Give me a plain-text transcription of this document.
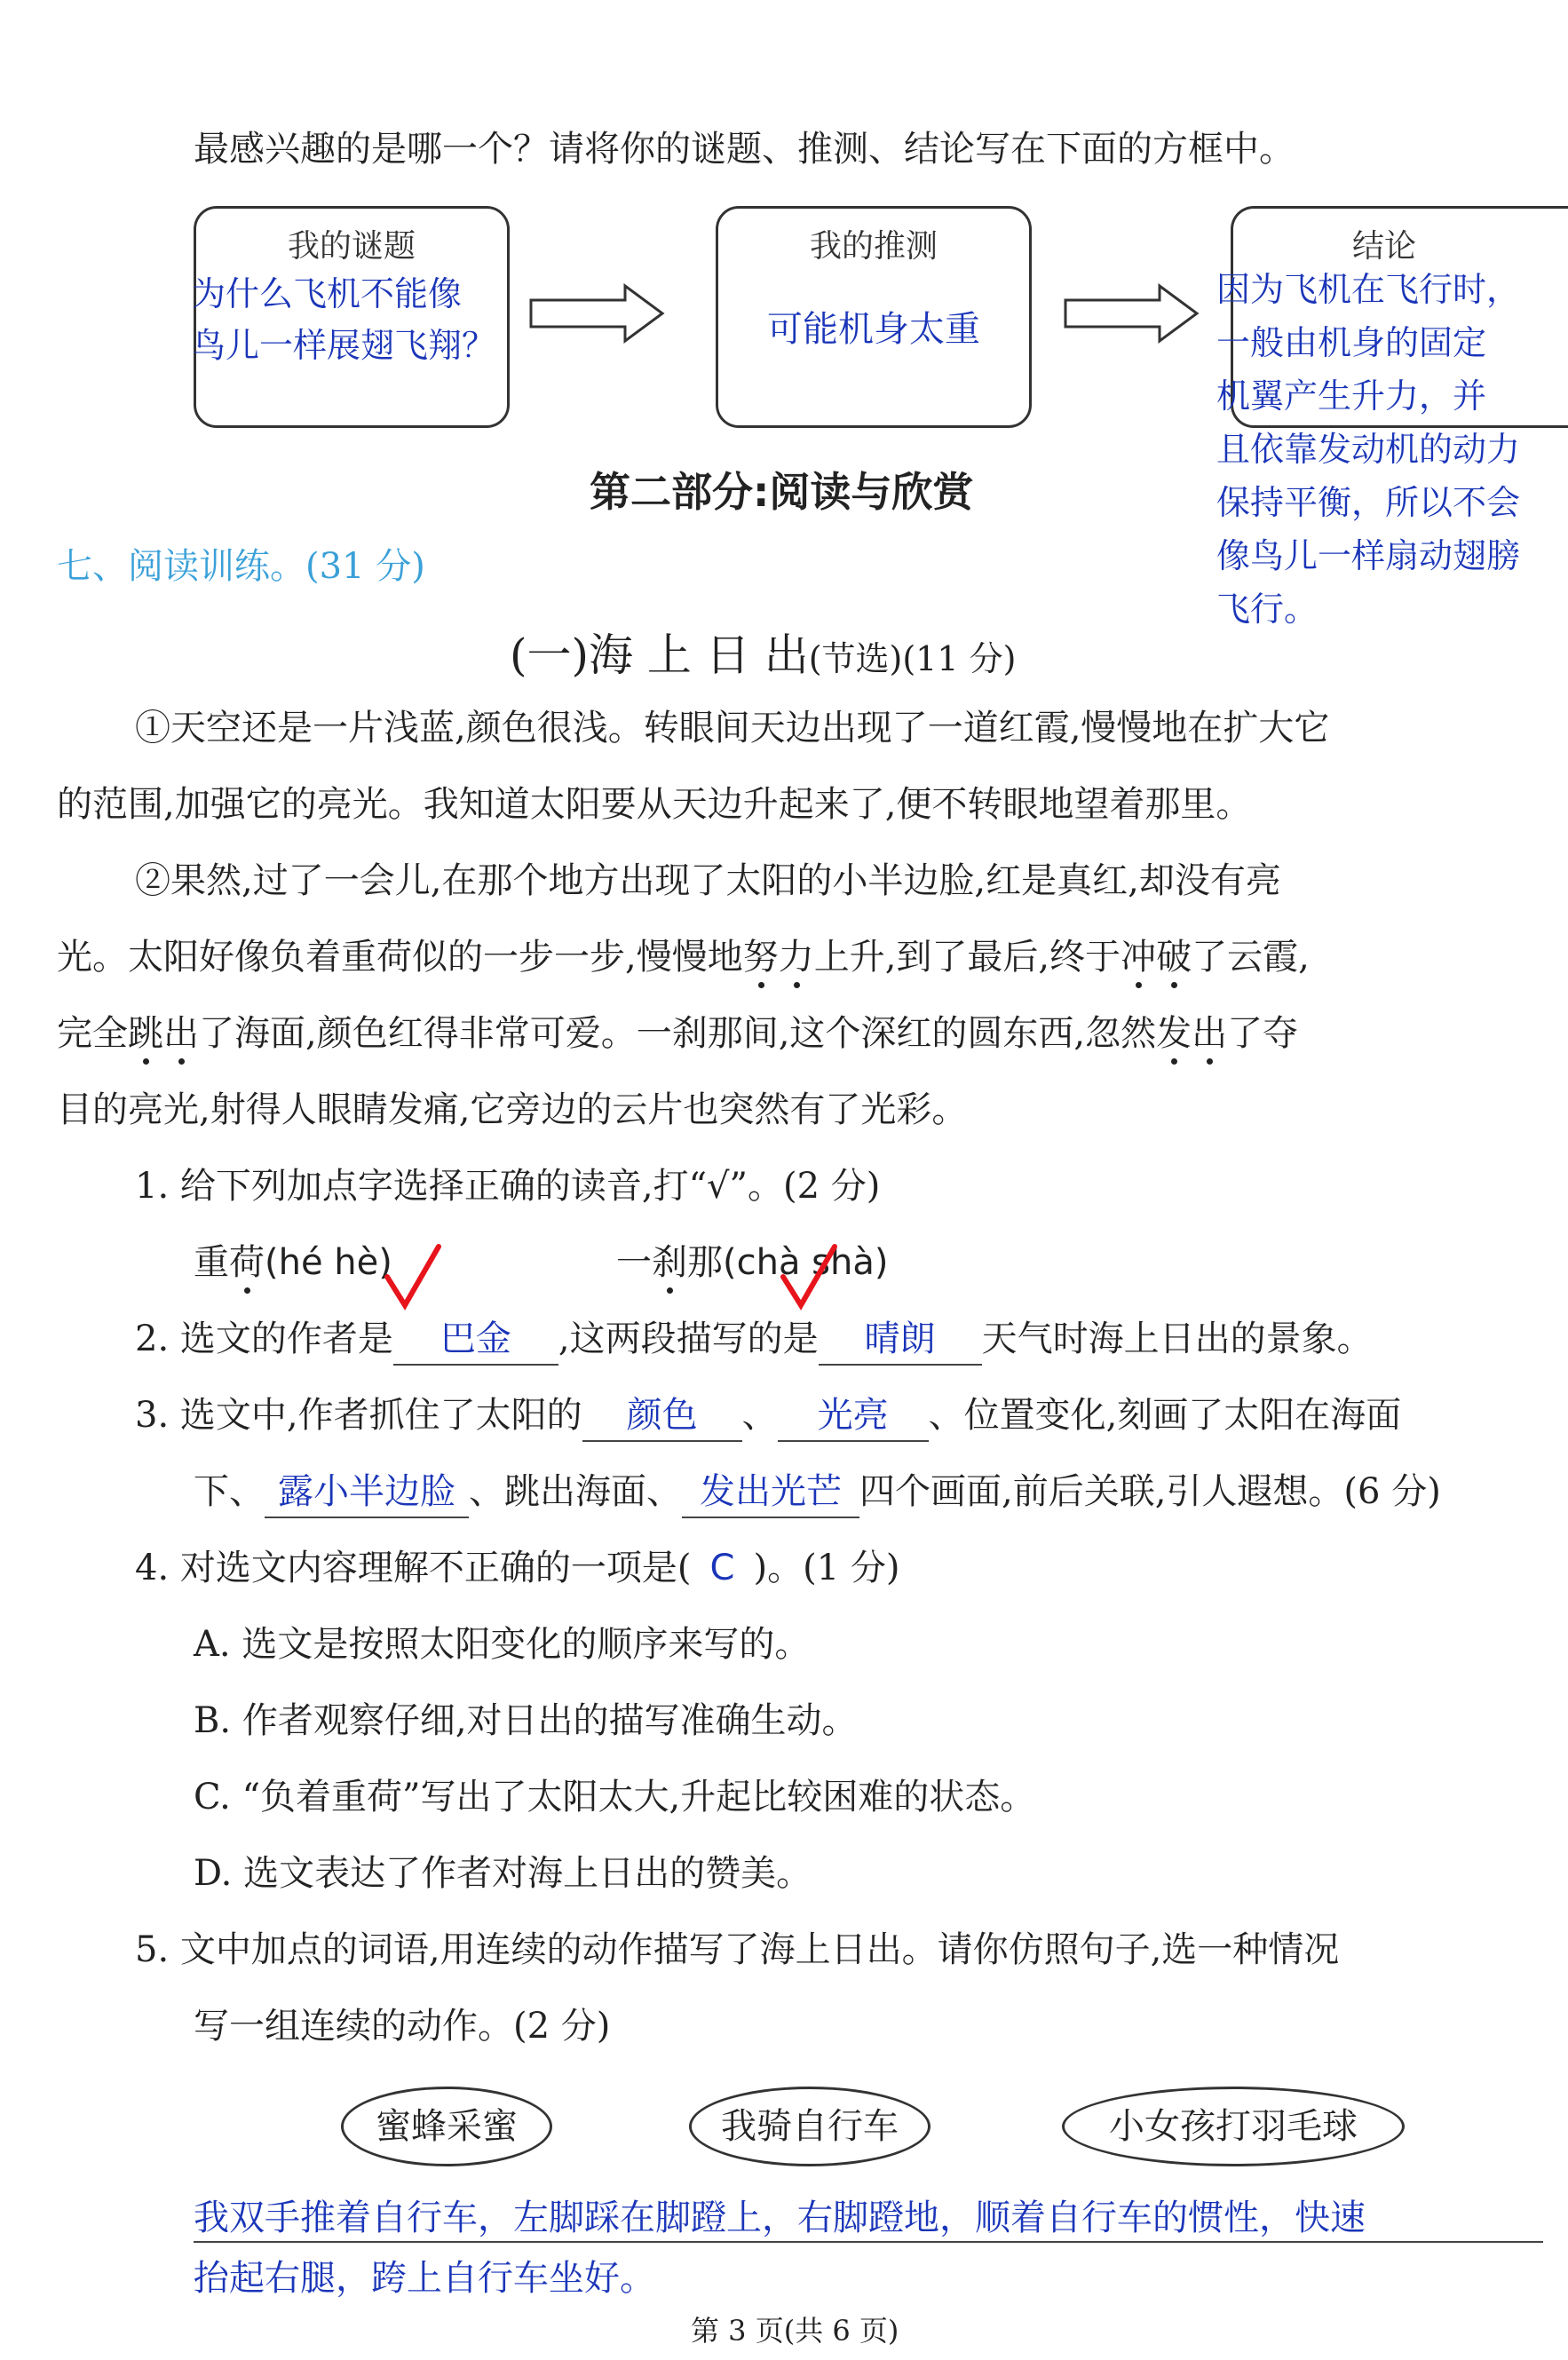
最感兴趣的是哪一个？请将你的谜题、推测、结论写在下面的方框中。
我的谜题
为什么飞机不能像
鸟儿一样展翅飞翔？
我的推测
可能机身太重
结论
因为飞机在飞行时，
一般由机身的固定
机翼产生升力，并
且依靠发动机的动力
保持平衡，所以不会
像鸟儿一样扇动翅膀
飞行。
第二部分:阅读与欣赏
七、阅读训练。(31 分)
(一)海 上 日 出(节选)(11 分)
①天空还是一片浅蓝,颜色很浅。转眼间天边出现了一道红霞,慢慢地在扩大它
的范围,加强它的亮光。我知道太阳要从天边升起来了,便不转眼地望着那里。
②果然,过了一会儿,在那个地方出现了太阳的小半边脸,红是真红,却没有亮
光。太阳好像负着重荷似的一步一步,慢慢地努力上升,到了最后,终于冲破了云霞,
完全跳出了海面,颜色红得非常可爱。一刹那间,这个深红的圆东西,忽然发出了夺
目的亮光,射得人眼睛发痛,它旁边的云片也突然有了光彩。
1. 给下列加点字选择正确的读音,打“√”。(2 分)
重荷(hé hè)	一刹那(chà shà)
2. 选文的作者是 巴金 ,这两段描写的是 晴朗 天气时海上日出的景象。
3. 选文中,作者抓住了太阳的 颜色 、 光亮 、位置变化,刻画了太阳在海面
下、 露小半边脸 、跳出海面、 发出光芒 四个画面,前后关联,引人遐想。(6 分)
4. 对选文内容理解不正确的一项是( C )。(1 分)
A. 选文是按照太阳变化的顺序来写的。
B. 作者观察仔细,对日出的描写准确生动。
C. “负着重荷”写出了太阳太大,升起比较困难的状态。
D. 选文表达了作者对海上日出的赞美。
5. 文中加点的词语,用连续的动作描写了海上日出。请你仿照句子,选一种情况
写一组连续的动作。(2 分)
蜜蜂采蜜	我骑自行车	小女孩打羽毛球
我双手推着自行车，左脚踩在脚蹬上，右脚蹬地，顺着自行车的惯性，快速
抬起右腿，跨上自行车坐好。
第 3 页(共 6 页)
